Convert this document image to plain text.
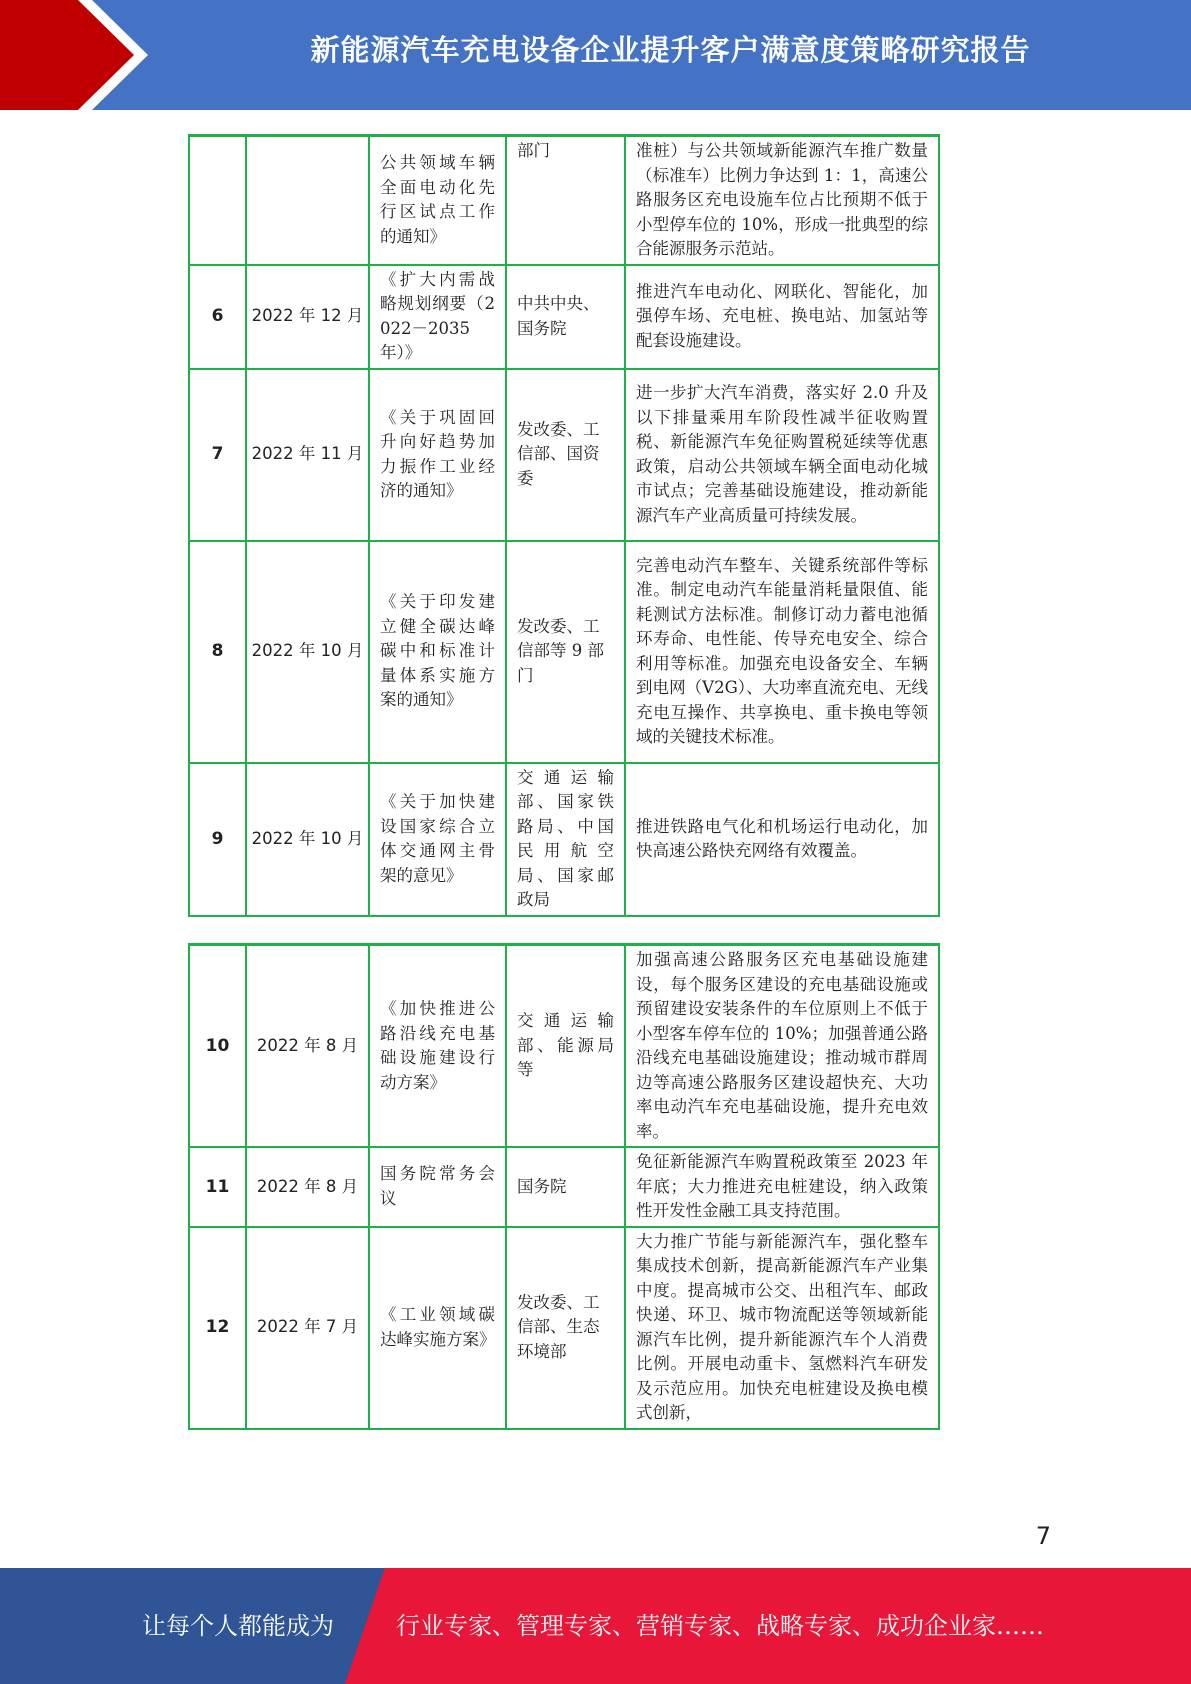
新能源汽车充电设备企业提升客户满意度策略研究报告
		公共领域车辆全面电动化先行区试点工作的通知》	部门	准桩）与公共领域新能源汽车推广数量（标准车）比例力争达到 1：1，高速公路服务区充电设施车位占比预期不低于小型停车位的 10%，形成一批典型的综合能源服务示范站。
6	2022 年 12 月	《扩大内需战略规划纲要（2022－2035 年）》	中共中央、国务院	推进汽车电动化、网联化、智能化，加强停车场、充电桩、换电站、加氢站等配套设施建设。
7	2022 年 11 月	《关于巩固回升向好趋势加力振作工业经济的通知》	发改委、工信部、国资委	进一步扩大汽车消费，落实好 2.0 升及以下排量乘用车阶段性减半征收购置税、新能源汽车免征购置税延续等优惠政策，启动公共领域车辆全面电动化城市试点；完善基础设施建设，推动新能源汽车产业高质量可持续发展。
8	2022 年 10 月	《关于印发建立健全碳达峰碳中和标准计量体系实施方案的通知》	发改委、工信部等 9 部门	完善电动汽车整车、关键系统部件等标准。制定电动汽车能量消耗量限值、能耗测试方法标准。制修订动力蓄电池循环寿命、电性能、传导充电安全、综合利用等标准。加强充电设备安全、车辆到电网（V2G）、大功率直流充电、无线充电互操作、共享换电、重卡换电等领域的关键技术标准。
9	2022 年 10 月	《关于加快建设国家综合立体交通网主骨架的意见》	交通运输部、国家铁路局、中国民用航空局、国家邮政局	推进铁路电气化和机场运行电动化，加快高速公路快充网络有效覆盖。
10	2022 年 8 月	《加快推进公路沿线充电基础设施建设行动方案》	交通运输部、能源局等	加强高速公路服务区充电基础设施建设，每个服务区建设的充电基础设施或预留建设安装条件的车位原则上不低于小型客车停车位的 10%；加强普通公路沿线充电基础设施建设；推动城市群周边等高速公路服务区建设超快充、大功率电动汽车充电基础设施，提升充电效率。
11	2022 年 8 月	国务院常务会议	国务院	免征新能源汽车购置税政策至 2023 年年底；大力推进充电桩建设，纳入政策性开发性金融工具支持范围。
12	2022 年 7 月	《工业领域碳达峰实施方案》	发改委、工信部、生态环境部	大力推广节能与新能源汽车，强化整车集成技术创新，提高新能源汽车产业集中度。提高城市公交、出租汽车、邮政快递、环卫、城市物流配送等领域新能源汽车比例，提升新能源汽车个人消费比例。开展电动重卡、氢燃料汽车研发及示范应用。加快充电桩建设及换电模式创新，
7
让每个人都能成为	行业专家、管理专家、营销专家、战略专家、成功企业家……
